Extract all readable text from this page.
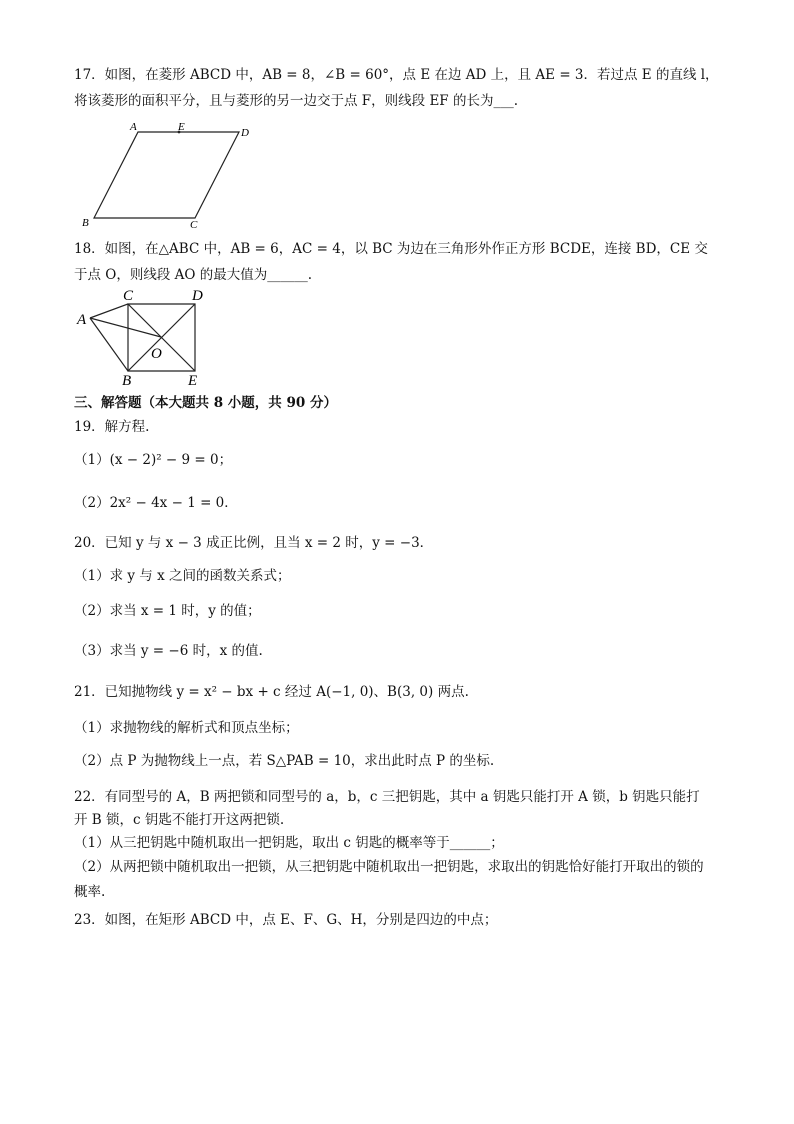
17．如图，在菱形 ABCD 中，AB = 8，∠B = 60°，点 E 在边 AD 上，且 AE = 3．若过点 E 的直线 l，
将该菱形的面积平分，且与菱形的另一边交于点 F，则线段 EF 的长为___.
A	E	D
B	C
18．如图，在△ABC 中，AB = 6，AC = 4，以 BC 为边在三角形外作正方形 BCDE，连接 BD，CE 交
于点 O，则线段 AO 的最大值为______.
A
C	D
O
B	E
三、解答题（本大题共 8 小题，共 90 分）
19．解方程.
（1）(x − 2)² − 9 = 0；
（2）2x² − 4x − 1 = 0．
20．已知 y 与 x − 3 成正比例，且当 x = 2 时，y = −3．
（1）求 y 与 x 之间的函数关系式；
（2）求当 x = 1 时，y 的值；
（3）求当 y = −6 时，x 的值.
21．已知抛物线 y = x² − bx + c 经过 A(−1, 0)、B(3, 0) 两点.
（1）求抛物线的解析式和顶点坐标；
（2）点 P 为抛物线上一点，若 S△PAB = 10，求出此时点 P 的坐标.
22．有同型号的 A，B 两把锁和同型号的 a，b，c 三把钥匙，其中 a 钥匙只能打开 A 锁，b 钥匙只能打
开 B 锁，c 钥匙不能打开这两把锁.
（1）从三把钥匙中随机取出一把钥匙，取出 c 钥匙的概率等于______；
（2）从两把锁中随机取出一把锁，从三把钥匙中随机取出一把钥匙，求取出的钥匙恰好能打开取出的锁的
概率.
23．如图，在矩形 ABCD 中，点 E、F、G、H，分别是四边的中点；
